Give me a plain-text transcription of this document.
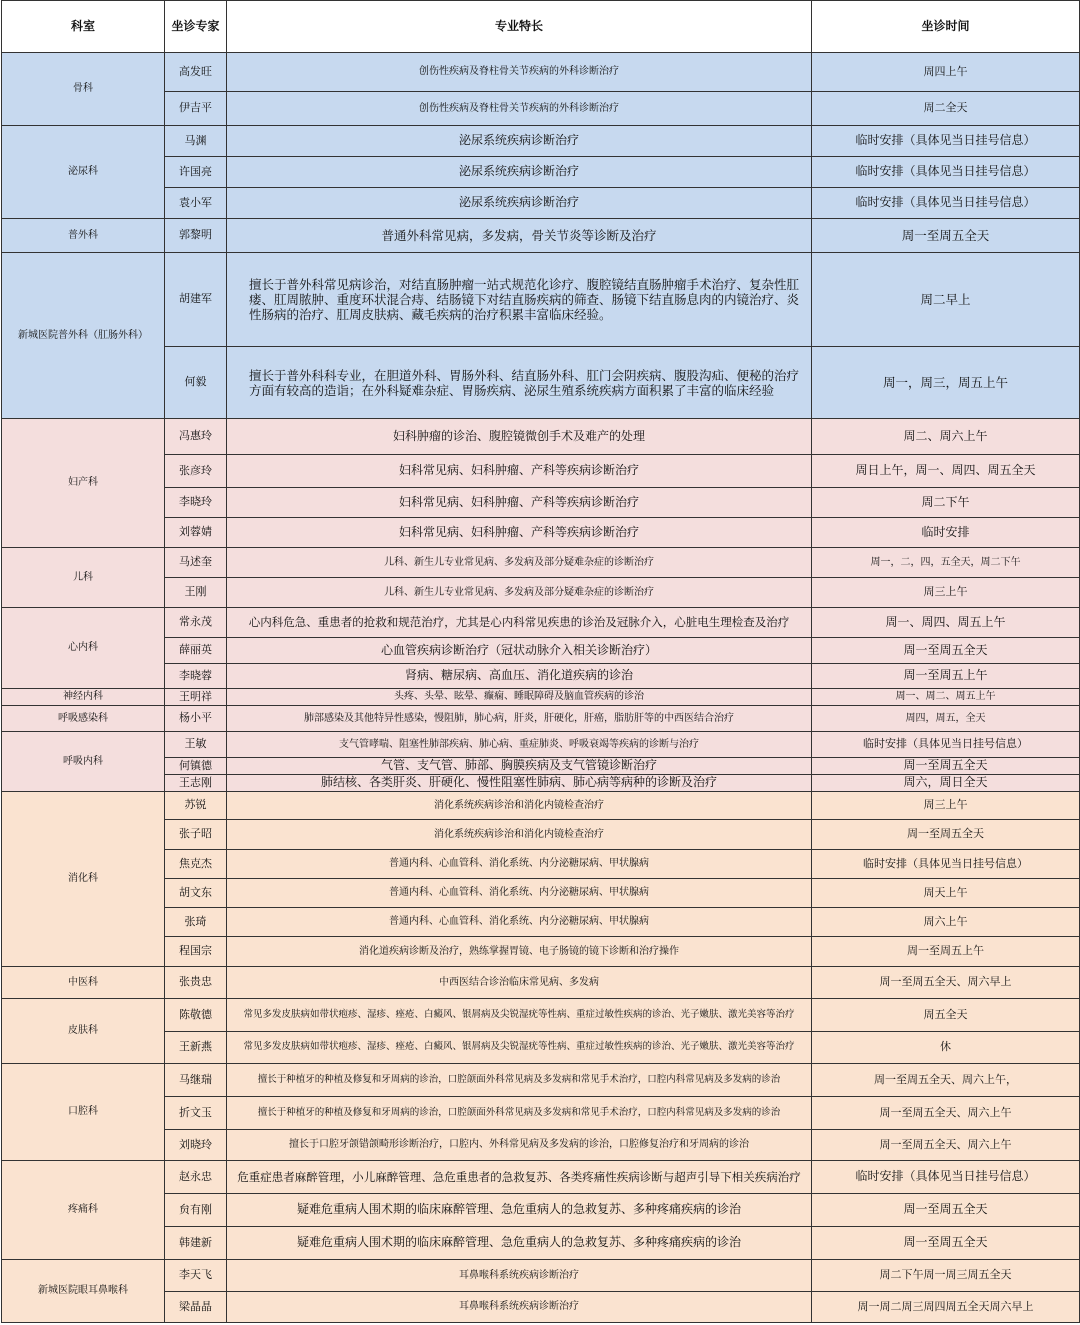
科室	坐诊专家	专业特长	坐诊时间
骨科	高发旺	创伤性疾病及脊柱骨关节疾病的外科诊断治疗	周四上午
	伊吉平	创伤性疾病及脊柱骨关节疾病的外科诊断治疗	周二全天
泌尿科	马渊	泌尿系统疾病诊断治疗	临时安排（具体见当日挂号信息）
	许国亮	泌尿系统疾病诊断治疗	临时安排（具体见当日挂号信息）
	袁小军	泌尿系统疾病诊断治疗	临时安排（具体见当日挂号信息）
普外科	郭黎明	普通外科常见病，多发病，骨关节炎等诊断及治疗	周一至周五全天
新城医院普外科（肛肠外科）	胡建军	擅长于普外科常见病诊治，对结直肠肿瘤一站式规范化诊疗、腹腔镜结直肠肿瘤手术治疗、复杂性肛瘘、肛周脓肿、重度环状混合痔、结肠镜下对结直肠疾病的筛查、肠镜下结直肠息肉的内镜治疗、炎性肠病的治疗、肛周皮肤病、藏毛疾病的治疗积累丰富临床经验。	周二早上
	何毅	擅长于普外科科专业，在胆道外科、胃肠外科、结直肠外科、肛门会阴疾病、腹股沟疝、便秘的治疗方面有较高的造诣；在外科疑难杂症、胃肠疾病、泌尿生殖系统疾病方面积累了丰富的临床经验	周一，周三，周五上午
妇产科	冯惠玲	妇科肿瘤的诊治、腹腔镜微创手术及难产的处理	周二、周六上午
	张彦玲	妇科常见病、妇科肿瘤、产科等疾病诊断治疗	周日上午，周一、周四、周五全天
	李晓玲	妇科常见病、妇科肿瘤、产科等疾病诊断治疗	周二下午
	刘蓉婧	妇科常见病、妇科肿瘤、产科等疾病诊断治疗	临时安排
儿科	马述奎	儿科、新生儿专业常见病、多发病及部分疑难杂症的诊断治疗	周一，二，四，五全天，周二下午
	王刚	儿科、新生儿专业常见病、多发病及部分疑难杂症的诊断治疗	周三上午
心内科	常永茂	心内科危急、重患者的抢救和规范治疗，尤其是心内科常见疾患的诊治及冠脉介入，心脏电生理检查及治疗	周一、周四、周五上午
	薛丽英	心血管疾病诊断治疗（冠状动脉介入相关诊断治疗）	周一至周五全天
	李晓蓉	肾病、糖尿病、高血压、消化道疾病的诊治	周一至周五上午
神经内科	王明祥	头疼、头晕、眩晕、癫痫、睡眠障碍及脑血管疾病的诊治	周一、周二、周五上午
呼吸感染科	杨小平	肺部感染及其他特异性感染，慢阻肺，肺心病，肝炎，肝硬化，肝癌，脂肪肝等的中西医结合治疗	周四，周五，全天
呼吸内科	王敏	支气管哮喘、阻塞性肺部疾病、肺心病、重症肺炎、呼吸衰竭等疾病的诊断与治疗	临时安排（具体见当日挂号信息）
	何镇德	气管、支气管、肺部、胸膜疾病及支气管镜诊断治疗	周一至周五全天
	王志刚	肺结核、各类肝炎、肝硬化、慢性阻塞性肺病、肺心病等病种的诊断及治疗	周六，周日全天
消化科	苏锐	消化系统疾病诊治和消化内镜检查治疗	周三上午
	张子昭	消化系统疾病诊治和消化内镜检查治疗	周一至周五全天
	焦克杰	普通内科、心血管科、消化系统、内分泌糖尿病、甲状腺病	临时安排（具体见当日挂号信息）
	胡文东	普通内科、心血管科、消化系统、内分泌糖尿病、甲状腺病	周天上午
	张琦	普通内科、心血管科、消化系统、内分泌糖尿病、甲状腺病	周六上午
	程国宗	消化道疾病诊断及治疗，熟练掌握胃镜、电子肠镜的镜下诊断和治疗操作	周一至周五上午
中医科	张贵忠	中西医结合诊治临床常见病、多发病	周一至周五全天、周六早上
皮肤科	陈敬德	常见多发皮肤病如带状疱疹、湿疹、痤疮、白癜风、银屑病及尖锐湿疣等性病、重症过敏性疾病的诊治、光子嫩肤、激光美容等治疗	周五全天
	王新燕	常见多发皮肤病如带状疱疹、湿疹、痤疮、白癜风、银屑病及尖锐湿疣等性病、重症过敏性疾病的诊治、光子嫩肤、激光美容等治疗	休
口腔科	马继瑞	擅长于种植牙的种植及修复和牙周病的诊治，口腔颌面外科常见病及多发病和常见手术治疗，口腔内科常见病及多发病的诊治	周一至周五全天、周六上午，
	折文玉	擅长于种植牙的种植及修复和牙周病的诊治，口腔颌面外科常见病及多发病和常见手术治疗，口腔内科常见病及多发病的诊治	周一至周五全天、周六上午
	刘晓玲	擅长于口腔牙颌错颌畸形诊断治疗，口腔内、外科常见病及多发病的诊治，口腔修复治疗和牙周病的诊治	周一至周五全天、周六上午
疼痛科	赵永忠	危重症患者麻醉管理，小儿麻醉管理、急危重患者的急救复苏、各类疼痛性疾病诊断与超声引导下相关疾病治疗	临时安排（具体见当日挂号信息）
	贠有刚	疑难危重病人围术期的临床麻醉管理、急危重病人的急救复苏、多种疼痛疾病的诊治	周一至周五全天
	韩建新	疑难危重病人围术期的临床麻醉管理、急危重病人的急救复苏、多种疼痛疾病的诊治	周一至周五全天
新城医院眼耳鼻喉科	李天飞	耳鼻喉科系统疾病诊断治疗	周二下午周一周三周五全天
	梁晶晶	耳鼻喉科系统疾病诊断治疗	周一周二周三周四周五全天周六早上
